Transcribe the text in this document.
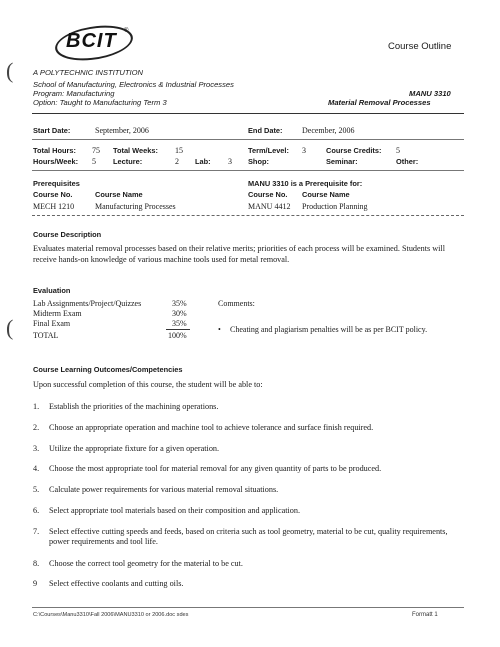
(
(
BCIT ®
Course Outline
A POLYTECHNIC INSTITUTION
School of Manufacturing, Electronics & Industrial Processes
Program: Manufacturing
Option: Taught to Manufacturing Term 3
MANU 3310
Material Removal Processes
Start Date:	September, 2006	End Date: December, 2006
Total Hours: 75 Total Weeks: 15	Term/Level: 3	Course Credits: 5
Hours/Week: 5 Lecture:	2 Lab: 3 Shop:	Seminar:	Other:
Prerequisites
Course No.	Course Name
MECH 1210	Manufacturing Processes
MANU 3310 is a Prerequisite for:
Course No. Course Name
MANU 4412 Production Planning
Course Description
Evaluates material removal processes based on their relative merits; priorities of each process will be examined. Students will receive hands-on knowledge of various machine tools used for metal removal.
Evaluation
Lab Assignments/Project/Quizzes	35%
Midterm Exam	30%
Final Exam	35%
TOTAL	100%
Comments:
• Cheating and plagiarism penalties will be as per BCIT policy.
Course Learning Outcomes/Competencies
Upon successful completion of this course, the student will be able to:
1. Establish the priorities of the machining operations.
2. Choose an appropriate operation and machine tool to achieve tolerance and surface finish required.
3. Utilize the appropriate fixture for a given operation.
4. Choose the most appropriate tool for material removal for any given quantity of parts to be produced.
5. Calculate power requirements for various material removal situations.
6. Select appropriate tool materials based on their composition and application.
7. Select effective cutting speeds and feeds, based on criteria such as tool geometry, material to be cut, quality requirements, power requirements and tool life.
8. Choose the correct tool geometry for the material to be cut.
9 Select effective coolants and cutting oils.
C:\Courses\Manu3310\Fall 2006\MANU3310 or 2006.doc sdes	Formatt 1
